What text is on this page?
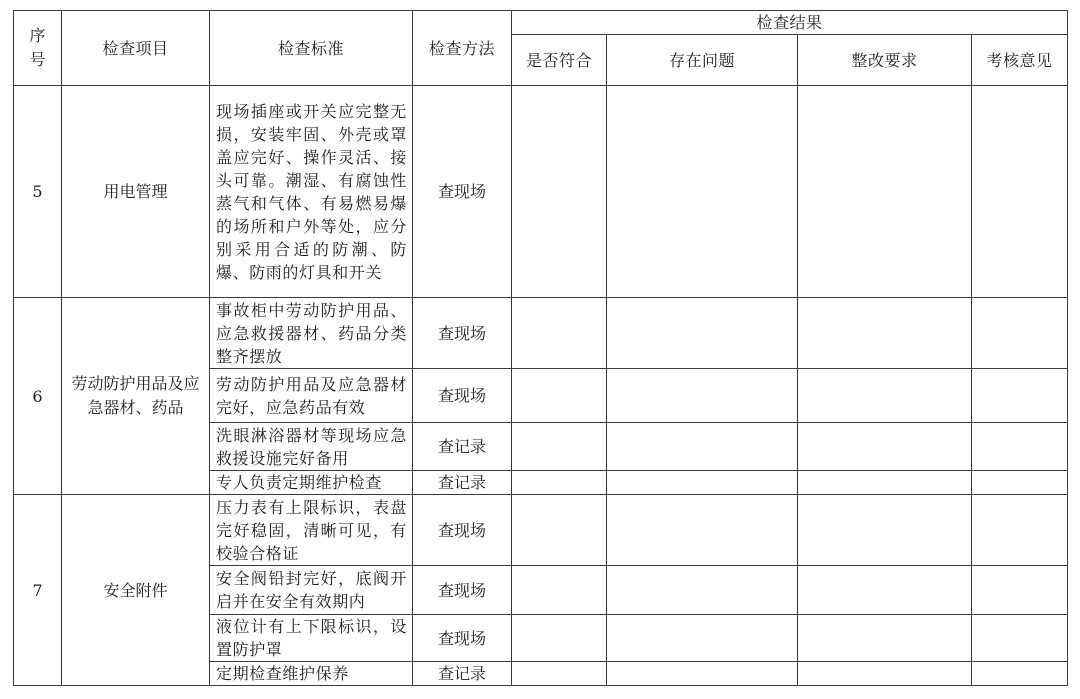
序号	检查项目	检查标准	检查方法	检查结果			
				是否符合	存在问题	整改要求	考核意见
5	用电管理	现场插座或开关应完整无损，安装牢固、外壳或罩盖应完好、操作灵活、接头可靠。潮湿、有腐蚀性蒸气和气体、有易燃易爆的场所和户外等处，应分别采用合适的防潮、防爆、防雨的灯具和开关	查现场				
6	劳动防护用品及应急器材、药品	事故柜中劳动防护用品、应急救援器材、药品分类整齐摆放	查现场				
		劳动防护用品及应急器材完好，应急药品有效	查现场				
		洗眼淋浴器材等现场应急救援设施完好备用	查记录				
		专人负责定期维护检查	查记录				
7	安全附件	压力表有上限标识，表盘完好稳固，清晰可见，有校验合格证	查现场				
		安全阀铅封完好，底阀开启并在安全有效期内	查现场				
		液位计有上下限标识，设置防护罩	查现场				
		定期检查维护保养	查记录				
